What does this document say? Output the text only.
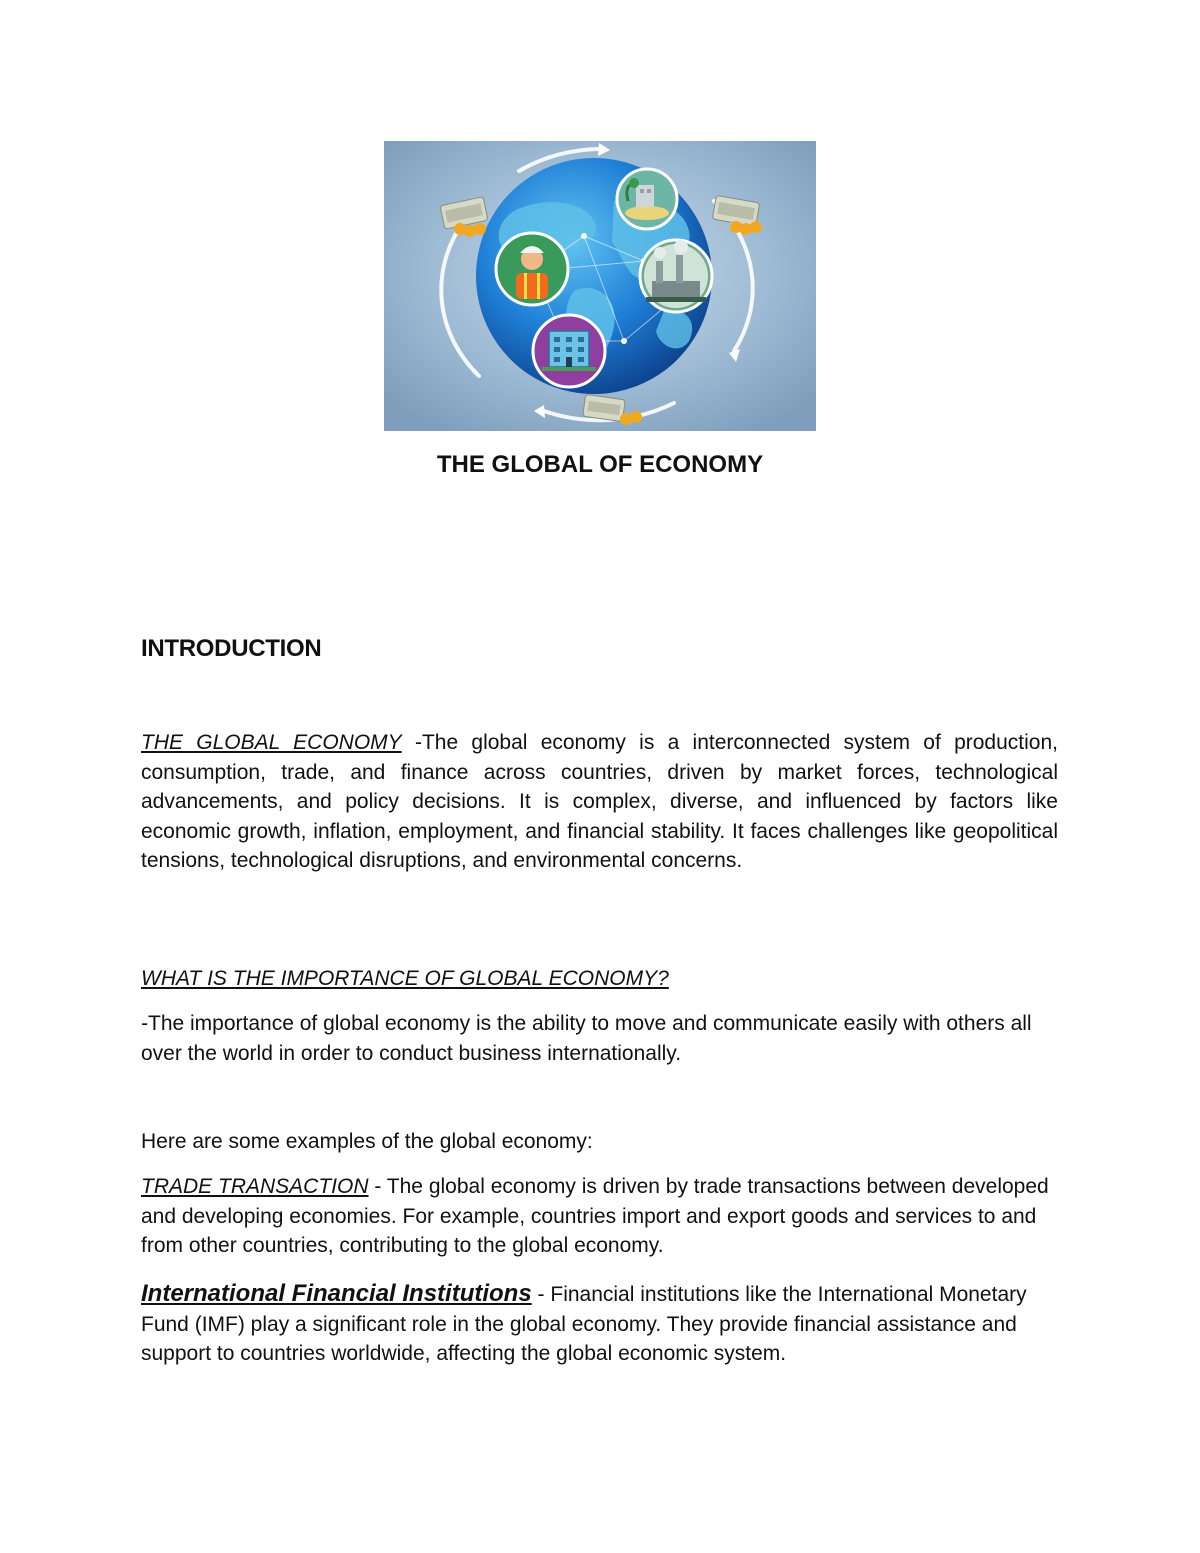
THE GLOBAL OF ECONOMY
INTRODUCTION

THE GLOBAL ECONOMY -The global economy is a interconnected system of production, consumption, trade, and finance across countries, driven by market forces, technological advancements, and policy decisions. It is complex, diverse, and influenced by factors like economic growth, inflation, employment, and financial stability. It faces challenges like geopolitical tensions, technological disruptions, and environmental concerns.

WHAT IS THE IMPORTANCE OF GLOBAL ECONOMY?

-The importance of global economy is the ability to move and communicate easily with others all over the world in order to conduct business internationally.

Here are some examples of the global economy:

TRADE TRANSACTION - The global economy is driven by trade transactions between developed and developing economies. For example, countries import and export goods and services to and from other countries, contributing to the global economy.

International Financial Institutions - Financial institutions like the International Monetary Fund (IMF) play a significant role in the global economy. They provide financial assistance and support to countries worldwide, affecting the global economic system.
